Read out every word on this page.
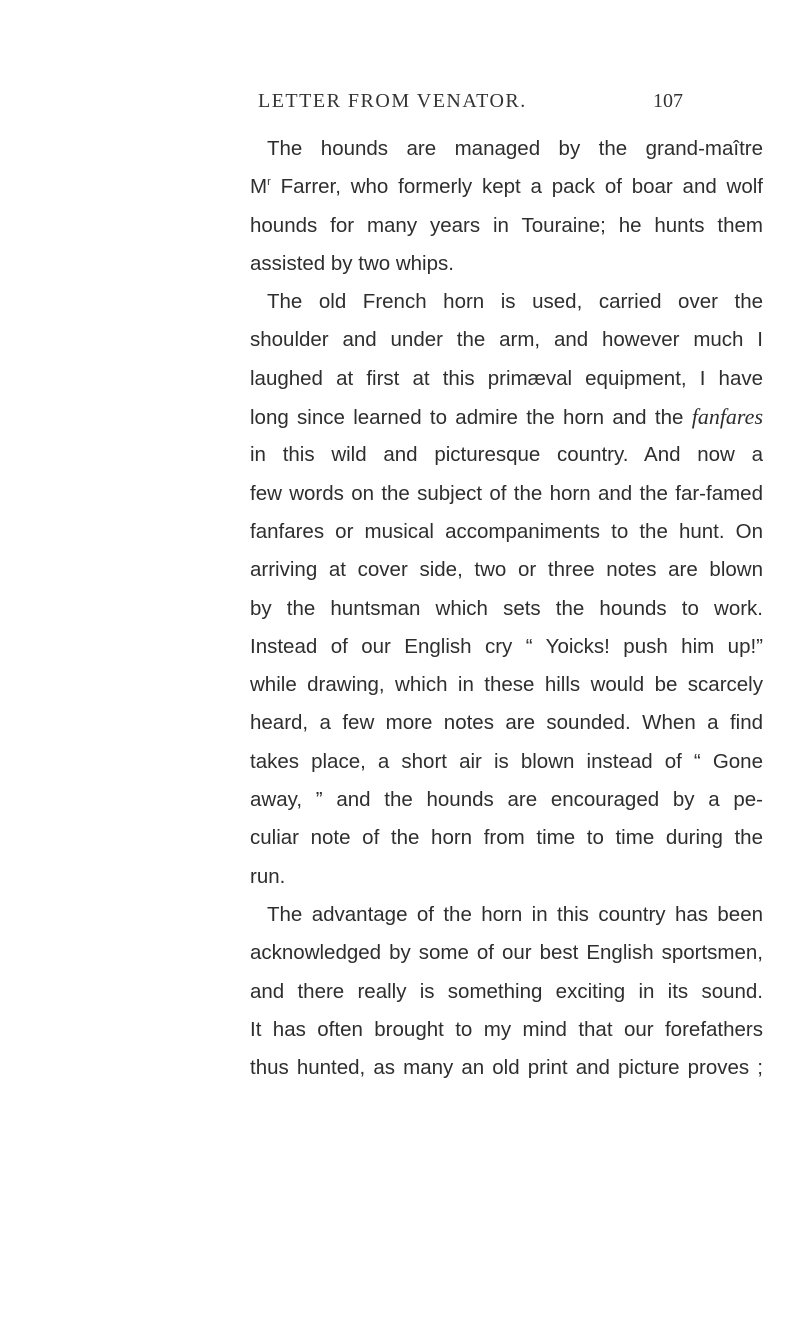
LETTER FROM VENATOR.	107
The hounds are managed by the grand-maître
$M^r$ Farrer, who formerly kept a pack of boar and wolf
hounds for many years in Touraine; he hunts them
assisted by two whips.
The old French horn is used, carried over the
shoulder and under the arm, and however much I
laughed at first at this primæval equipment, I have
long since learned to admire the horn and the fanfares
in this wild and picturesque country. And now a
few words on the subject of the horn and the far-famed
fanfares or musical accompaniments to the hunt. On
arriving at cover side, two or three notes are blown
by the huntsman which sets the hounds to work.
Instead of our English cry “ Yoicks! push him up!”
while drawing, which in these hills would be scarcely
heard, a few more notes are sounded. When a find
takes place, a short air is blown instead of “ Gone
away, ” and the hounds are encouraged by a pe-
culiar note of the horn from time to time during the
run.
The advantage of the horn in this country has been
acknowledged by some of our best English sportsmen,
and there really is something exciting in its sound.
It has often brought to my mind that our forefathers
thus hunted, as many an old print and picture proves ;
